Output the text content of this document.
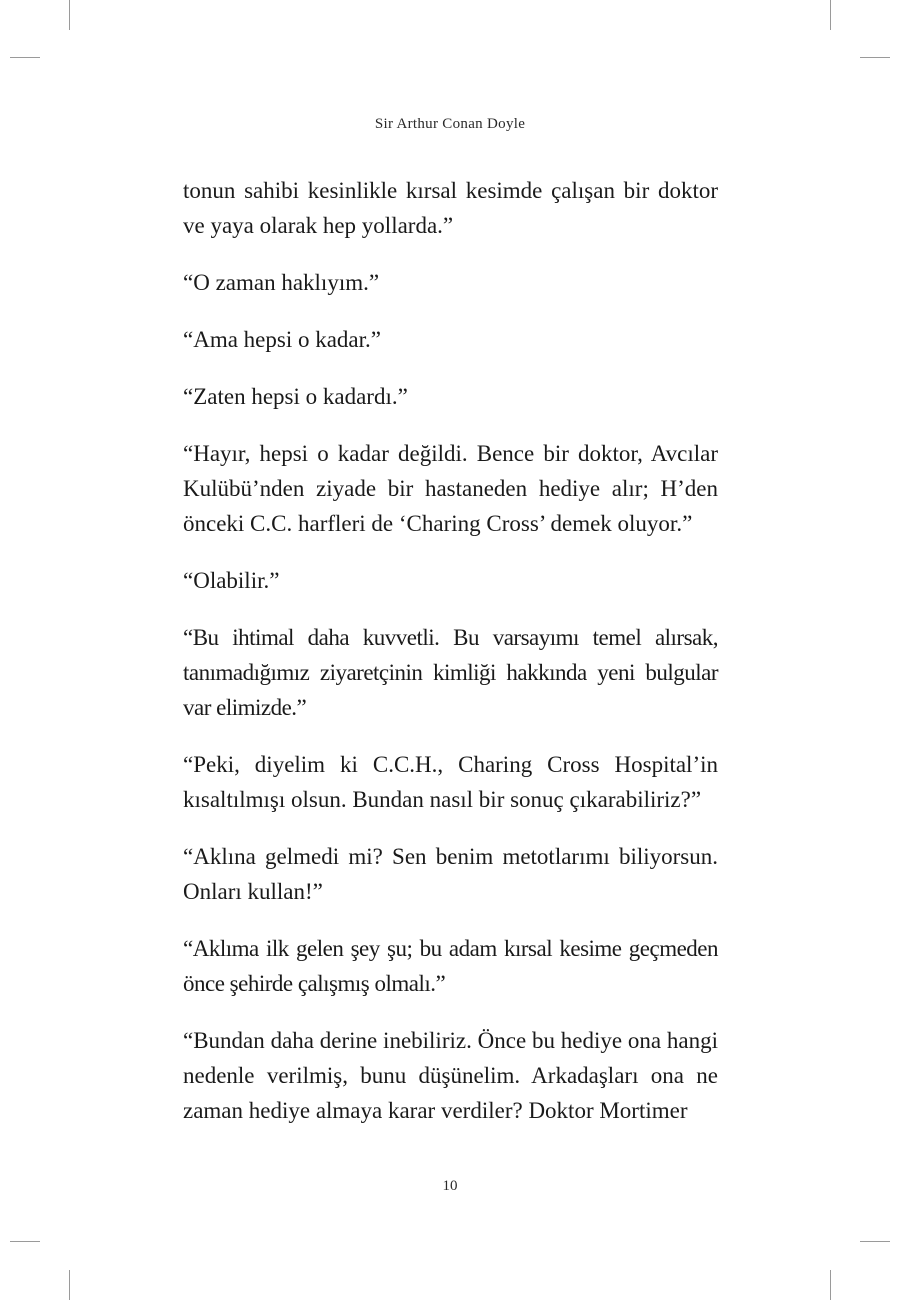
Sir Arthur Conan Doyle

tonun sahibi kesinlikle kırsal kesimde çalışan bir doktor ve yaya olarak hep yollarda.”

“O zaman haklıyım.”

“Ama hepsi o kadar.”

“Zaten hepsi o kadardı.”

“Hayır, hepsi o kadar değildi. Bence bir doktor, Avcılar Kulübü’nden ziyade bir hastaneden hediye alır; H’den önceki C.C. harfleri de ‘Charing Cross’ demek oluyor.”

“Olabilir.”

“Bu ihtimal daha kuvvetli. Bu varsayımı temel alırsak, tanımadığımız ziyaretçinin kimliği hakkında yeni bulgular var elimizde.”

“Peki, diyelim ki C.C.H., Charing Cross Hospital’in kısaltılmışı olsun. Bundan nasıl bir sonuç çıkarabiliriz?”

“Aklına gelmedi mi? Sen benim metotlarımı biliyorsun. Onları kullan!”

“Aklıma ilk gelen şey şu; bu adam kırsal kesime geçmeden önce şehirde çalışmış olmalı.”

“Bundan daha derine inebiliriz. Önce bu hediye ona hangi nedenle verilmiş, bunu düşünelim. Arkadaşları ona ne zaman hediye almaya karar verdiler? Doktor Mortimer

10
